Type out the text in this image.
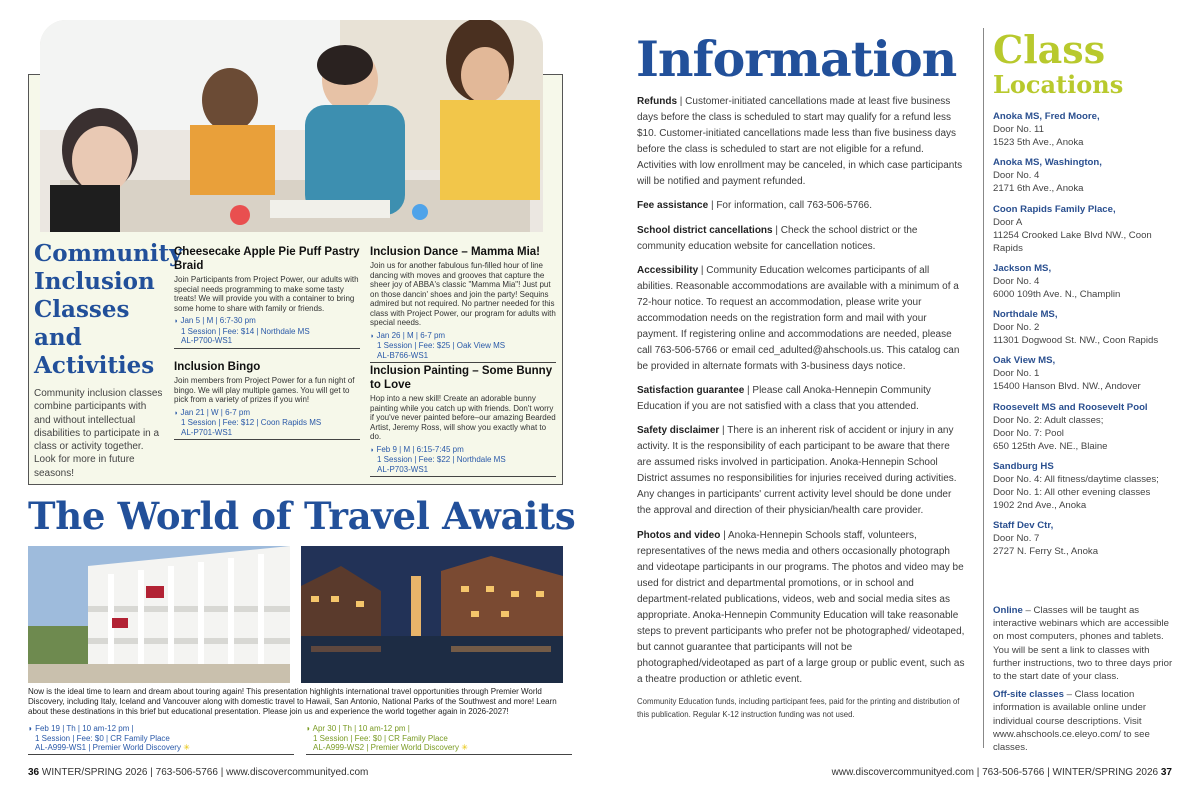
Community Inclusion Classes and Activities
Community inclusion classes combine participants with and without intellectual disabilities to participate in a class or activity together. Look for more in future seasons!
Cheesecake Apple Pie Puff Pastry Braid
Join Participants from Project Power, our adults with special needs programming to make some tasty treats! We will provide you with a container to bring some home to share with family or friends.
◗ Jan 5 | M | 6:7-30 pm
1 Session | Fee: $14 | Northdale MS
AL-P700-WS1
Inclusion Bingo
Join members from Project Power for a fun night of bingo. We will play multiple games. You will get to pick from a variety of prizes if you win!
◗ Jan 21 | W | 6-7 pm
1 Session | Fee: $12 | Coon Rapids MS
AL-P701-WS1
Inclusion Dance – Mamma Mia!
Join us for another fabulous fun-filled hour of line dancing with moves and grooves that capture the sheer joy of ABBA's classic "Mamma Mia"! Just put on those dancin' shoes and join the party! Sequins admired but not required. No partner needed for this class with Project Power, our program for adults with special needs.
◗ Jan 26 | M | 6-7 pm
1 Session | Fee: $25 | Oak View MS
AL-B766-WS1
Inclusion Painting – Some Bunny to Love
Hop into a new skill! Create an adorable bunny painting while you catch up with friends. Don't worry if you've never painted before–our amazing Bearded Artist, Jeremy Ross, will show you exactly what to do.
◗ Feb 9 | M | 6:15-7:45 pm
1 Session | Fee: $22 | Northdale MS
AL-P703-WS1
The World of Travel Awaits
Now is the ideal time to learn and dream about touring again! This presentation highlights international travel opportunities through Premier World Discovery, including Italy, Iceland and Vancouver along with domestic travel to Hawaii, San Antonio, National Parks of the Southwest and more! Learn about these destinations in this brief but educational presentation. Please join us and experience the world together again in 2026-2027!
◗ Feb 19 | Th | 10 am-12 pm |
1 Session | Fee: $0 | CR Family Place
AL-A999-WS1 | Premier World Discovery ✳
◗ Apr 30 | Th | 10 am-12 pm |
1 Session | Fee: $0 | CR Family Place
AL-A999-WS2 | Premier World Discovery ✳
36 WINTER/SPRING 2026 | 763-506-5766 | www.discovercommunityed.com
Information

Refunds | Customer-initiated cancellations made at least five business days before the class is scheduled to start may qualify for a refund less $10. Customer-initiated cancellations made less than five business days before the class is scheduled to start are not eligible for a refund. Activities with low enrollment may be canceled, in which case participants will be notified and payment refunded.

Fee assistance | For information, call 763-506-5766.

School district cancellations | Check the school district or the community education website for cancellation notices.

Accessibility | Community Education welcomes participants of all abilities. Reasonable accommodations are available with a minimum of a 72-hour notice. To request an accommodation, please write your accommodation needs on the registration form and mail with your payment. If registering online and accommodations are needed, please call 763-506-5766 or email ced_adulted@ahschools.us. This catalog can be provided in alternate formats with 3-business days notice.

Satisfaction guarantee | Please call Anoka-Hennepin Community Education if you are not satisfied with a class that you attended.

Safety disclaimer | There is an inherent risk of accident or injury in any activity. It is the responsibility of each participant to be aware that there are assumed risks involved in participation. Anoka-Hennepin School District assumes no responsibilities for injuries received during activities. Any changes in participants' current activity level should be done under the approval and direction of their physician/health care provider.

Photos and video | Anoka-Hennepin Schools staff, volunteers, representatives of the news media and others occasionally photograph and videotape participants in our programs. The photos and video may be used for district and departmental promotions, or in school and department-related publications, videos, web and social media sites as appropriate. Anoka-Hennepin Community Education will take reasonable steps to prevent participants who prefer not be photographed/ videotaped, but cannot guarantee that participants will not be photographed/videotaped as part of a large group or public event, such as a theatre production or athletic event.

Community Education funds, including participant fees, paid for the printing and distribution of this publication. Regular K-12 instruction funding was not used.
Class
Locations
Anoka MS, Fred Moore,
Door No. 11
1523 5th Ave., Anoka
Anoka MS, Washington,
Door No. 4
2171 6th Ave., Anoka
Coon Rapids Family Place,
Door A
11254 Crooked Lake Blvd NW., Coon Rapids
Jackson MS,
Door No. 4
6000 109th Ave. N., Champlin
Northdale MS,
Door No. 2
11301 Dogwood St. NW., Coon Rapids
Oak View MS,
Door No. 1
15400 Hanson Blvd. NW., Andover
Roosevelt MS and Roosevelt Pool
Door No. 2: Adult classes;
Door No. 7: Pool
650 125th Ave. NE., Blaine
Sandburg HS
Door No. 4: All fitness/daytime classes;
Door No. 1: All other evening classes
1902 2nd Ave., Anoka
Staff Dev Ctr,
Door No. 7
2727 N. Ferry St., Anoka

Online – Classes will be taught as interactive webinars which are accessible on most computers, phones and tablets. You will be sent a link to classes with further instructions, two to three days prior to the start date of your class.

Off-site classes – Class location information is available online under individual course descriptions. Visit www.ahschools.ce.eleyo.com/ to see classes.

www.discovercommunityed.com | 763-506-5766 | WINTER/SPRING 2026 37
